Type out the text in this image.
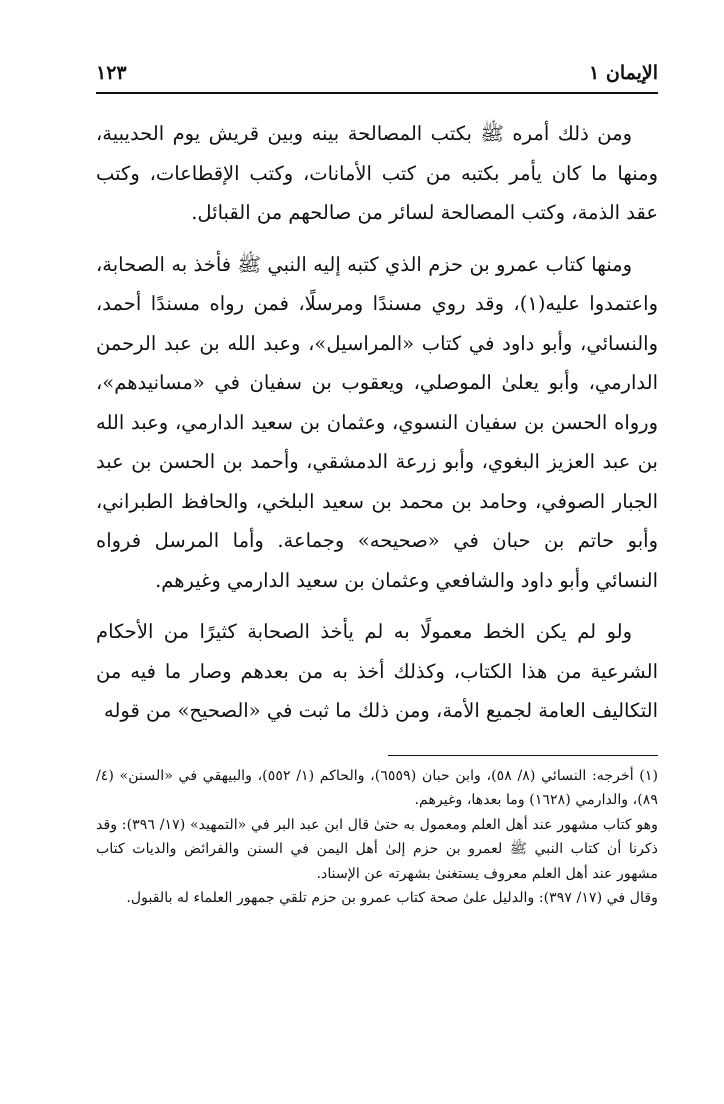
الإيمان ١
١٢٣

ومن ذلك أمره ﷺ بكتب المصالحة بينه وبين قريش يوم الحديبية، ومنها ما كان يأمر بكتبه من كتب الأمانات، وكتب الإقطاعات، وكتب عقد الذمة، وكتب المصالحة لسائر من صالحهم من القبائل.

ومنها كتاب عمرو بن حزم الذي كتبه إليه النبي ﷺ فأخذ به الصحابة، واعتمدوا عليه(١)، وقد روي مسندًا ومرسلًا، فمن رواه مسندًا أحمد، والنسائي، وأبو داود في كتاب «المراسيل»، وعبد الله بن عبد الرحمن الدارمي، وأبو يعلىٰ الموصلي، ويعقوب بن سفيان في «مسانيدهم»، ورواه الحسن بن سفيان النسوي، وعثمان بن سعيد الدارمي، وعبد الله بن عبد العزيز البغوي، وأبو زرعة الدمشقي، وأحمد بن الحسن بن عبد الجبار الصوفي، وحامد بن محمد بن سعيد البلخي، والحافظ الطبراني، وأبو حاتم بن حبان في «صحيحه» وجماعة. وأما المرسل فرواه النسائي وأبو داود والشافعي وعثمان بن سعيد الدارمي وغيرهم.

ولو لم يكن الخط معمولًا به لم يأخذ الصحابة كثيرًا من الأحكام الشرعية من هذا الكتاب، وكذلك أخذ به من بعدهم وصار ما فيه من التكاليف العامة لجميع الأمة، ومن ذلك ما ثبت في «الصحيح» من قوله

(١) أخرجه: النسائي (٨/ ٥٨)، وابن حبان (٦٥٥٩)، والحاكم (١/ ٥٥٢)، والبيهقي في «السنن» (٤/ ٨٩)، والدارمي (١٦٢٨) وما بعدها، وغيرهم.

وهو كتاب مشهور عند أهل العلم ومعمول به حتىٰ قال ابن عبد البر في «التمهيد» (١٧/ ٣٩٦): وقد ذكرنا أن كتاب النبي ﷺ لعمرو بن حزم إلىٰ أهل اليمن في السنن والفرائض والديات كتاب مشهور عند أهل العلم معروف يستغنىٰ بشهرته عن الإسناد.

وقال في (١٧/ ٣٩٧): والدليل علىٰ صحة كتاب عمرو بن حزم تلقي جمهور العلماء له بالقبول.
